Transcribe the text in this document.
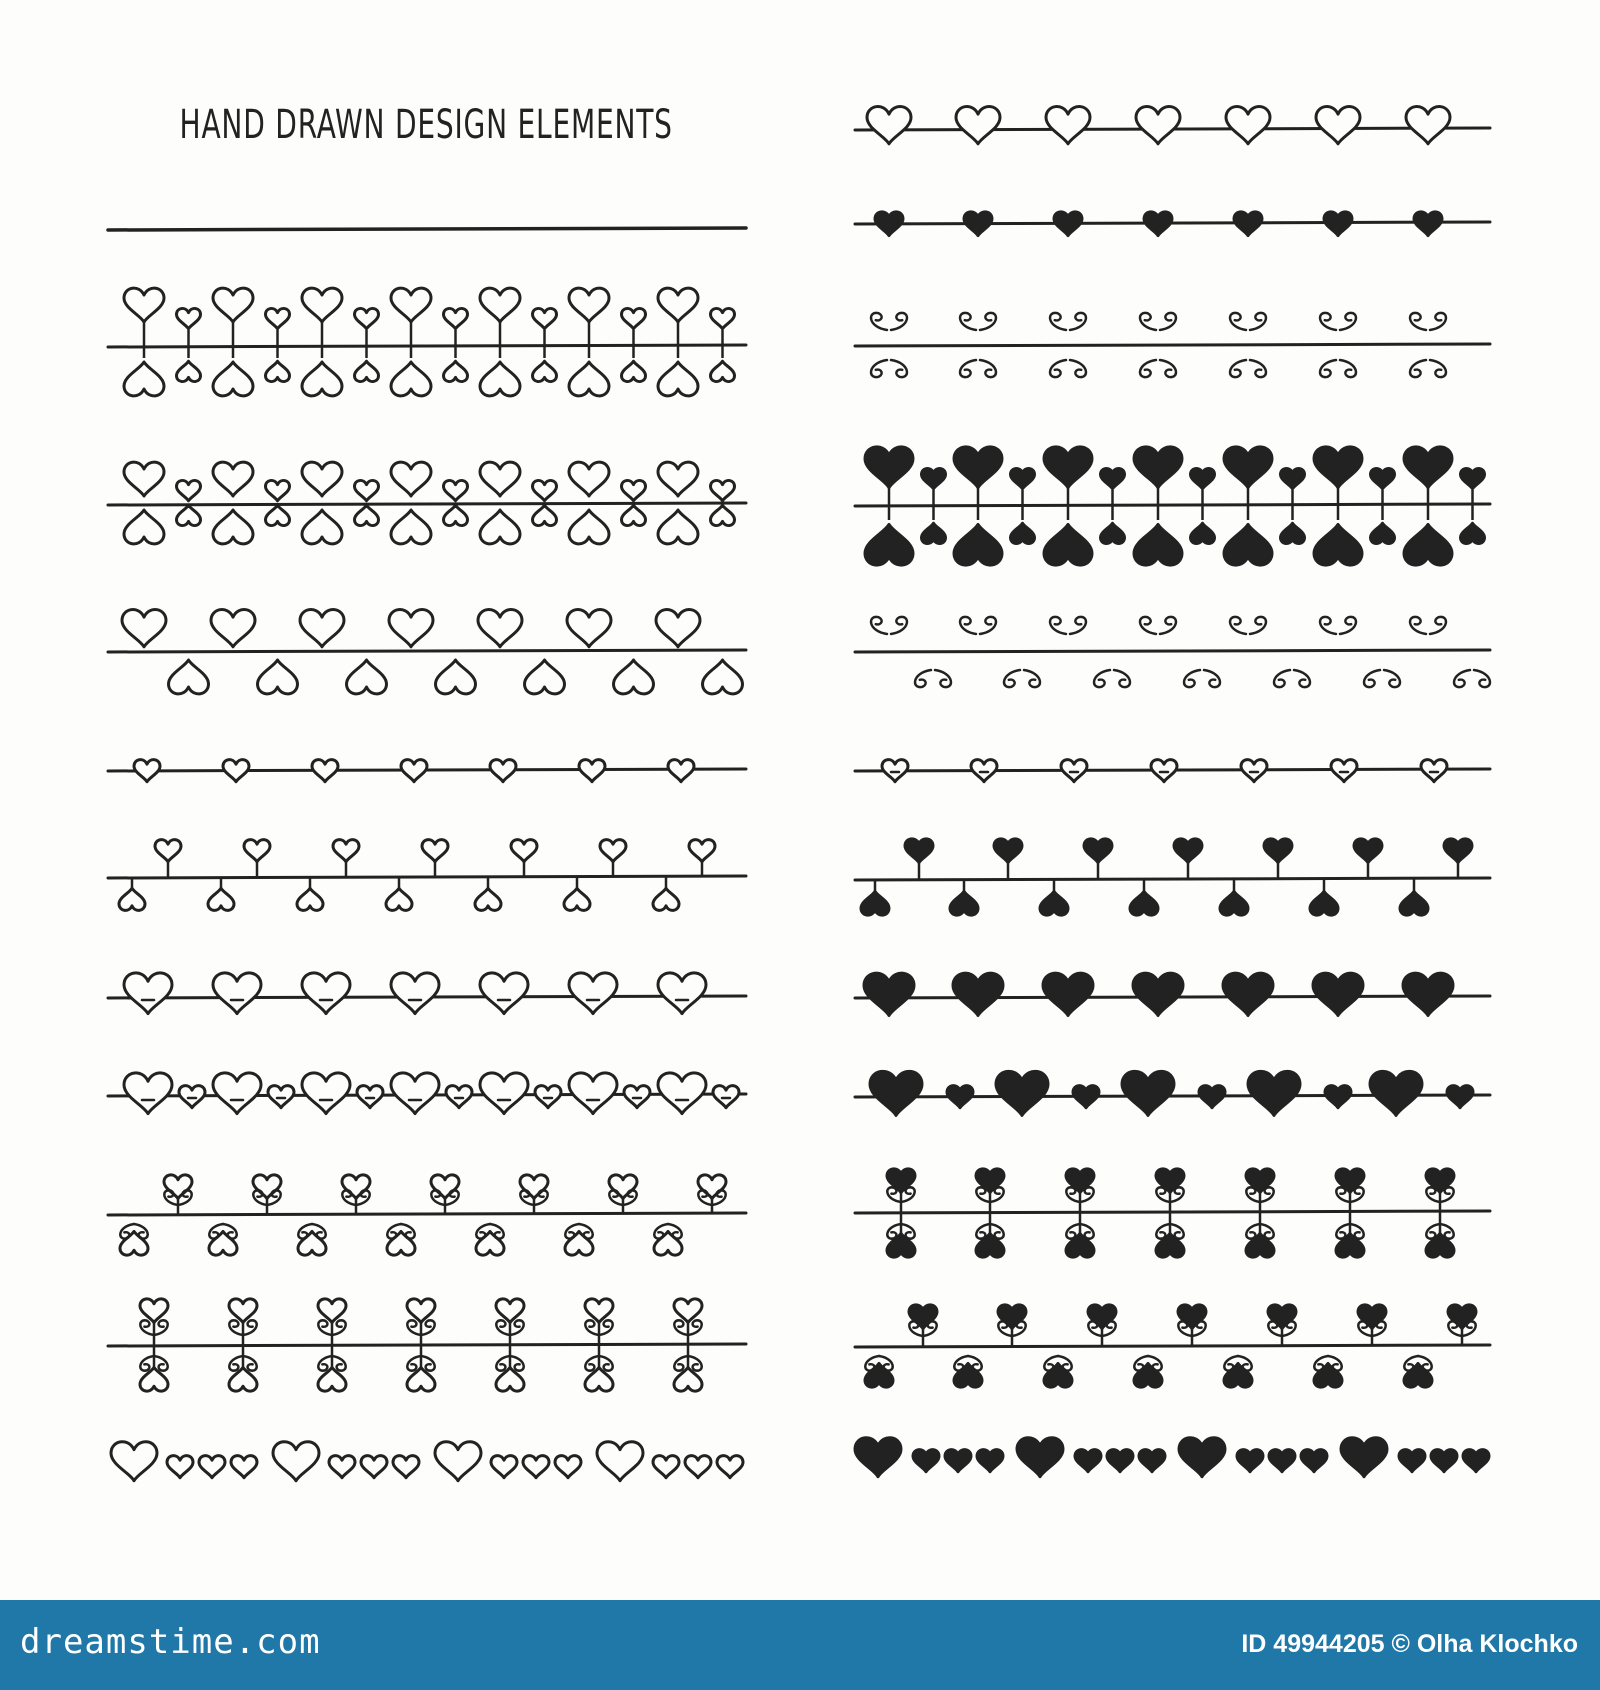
HAND DRAWN DESIGN ELEMENTS
dreamstime.com	ID 49944205 © Olha Klochko
